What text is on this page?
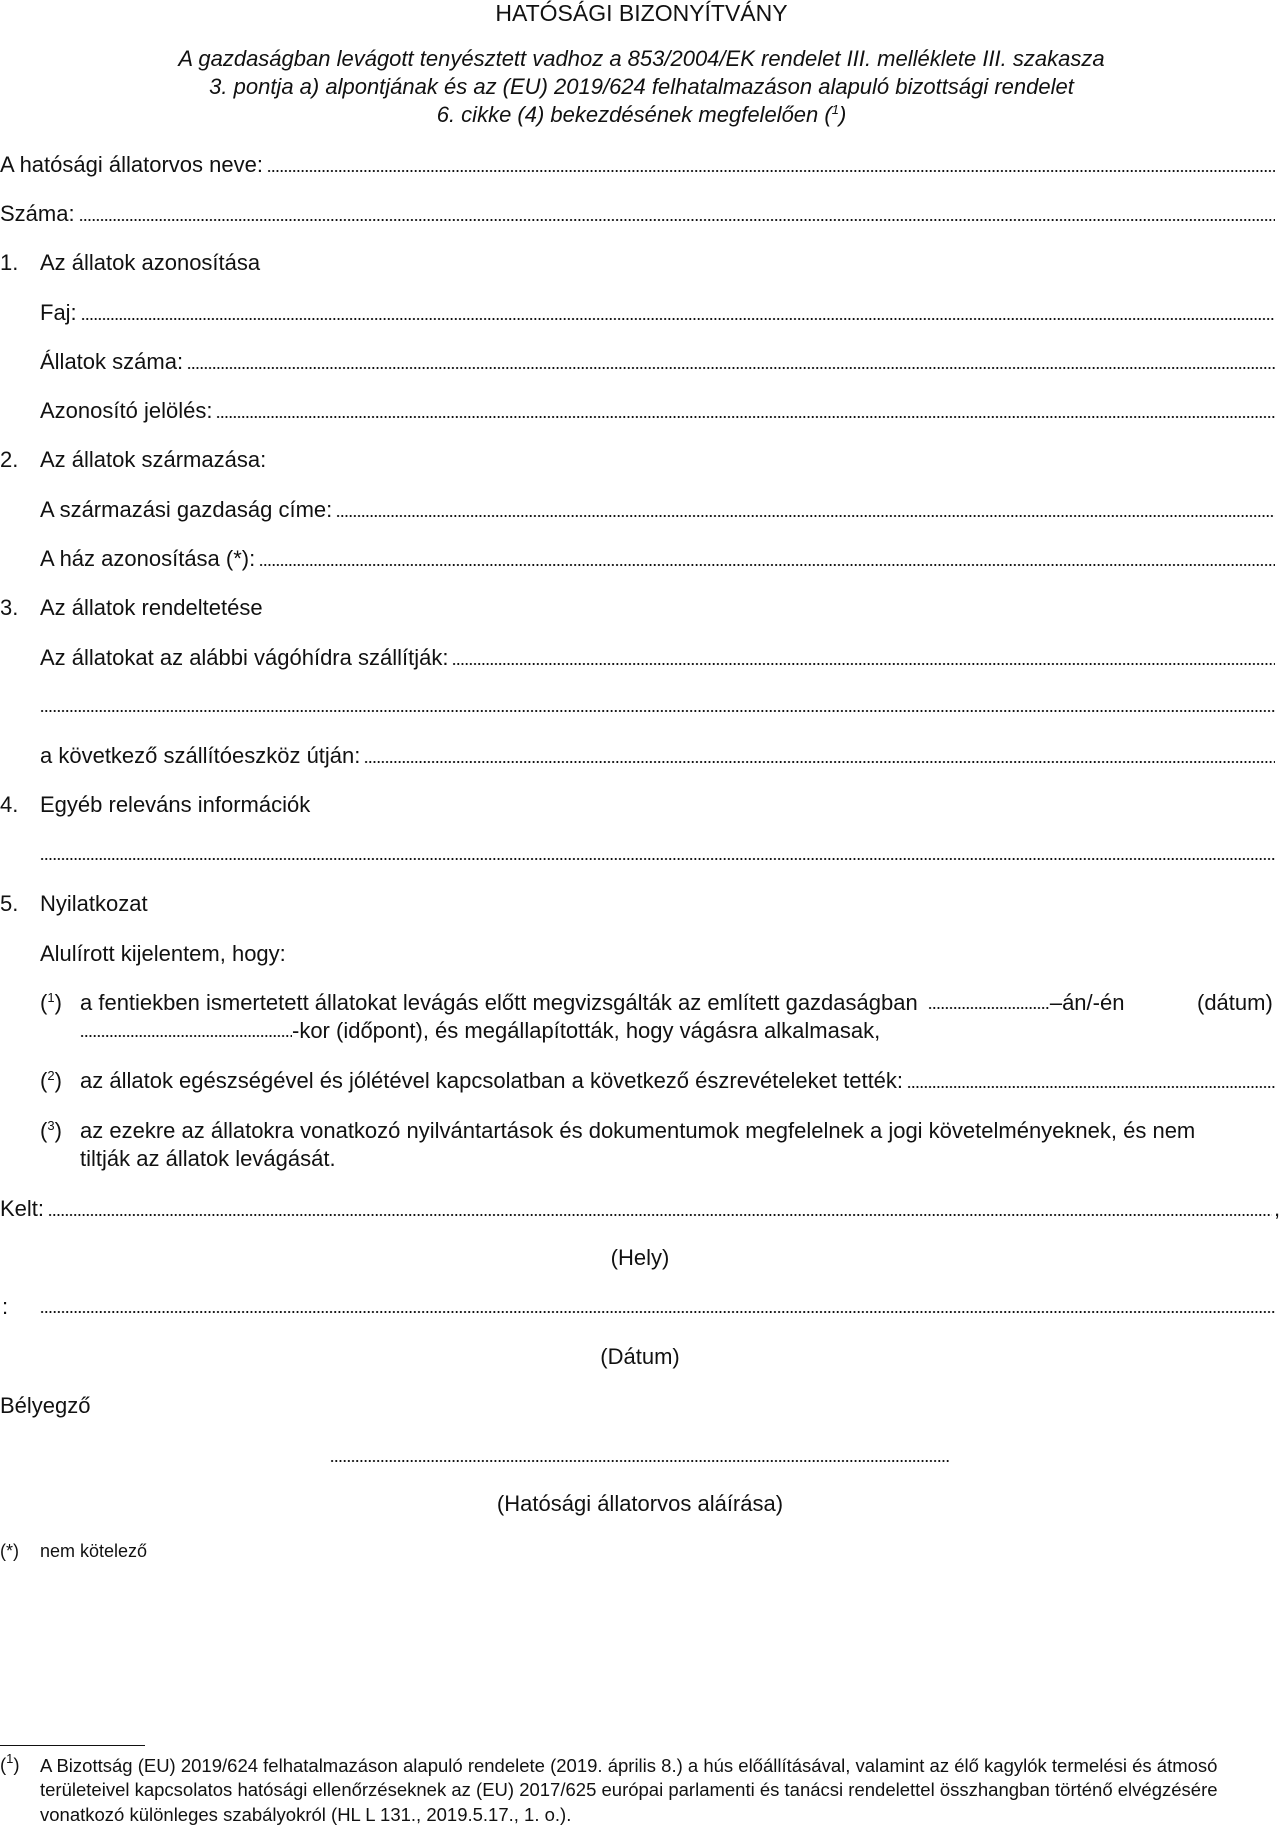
HATÓSÁGI BIZONYÍTVÁNY
A gazdaságban levágott tenyésztett vadhoz a 853/2004/EK rendelet III. melléklete III. szakasza
3. pontja a) alpontjának és az (EU) 2019/624 felhatalmazáson alapuló bizottsági rendelet
6. cikke (4) bekezdésének megfelelően ($^1$)
A hatósági állatorvos neve:
Száma:
1. Az állatok azonosítása
Faj:
Állatok száma:
Azonosító jelölés:
2. Az állatok származása:
A származási gazdaság címe:
A ház azonosítása (*):
3. Az állatok rendeltetése
Az állatokat az alábbi vágóhídra szállítják:
a következő szállítóeszköz útján:
4. Egyéb releváns információk
5. Nyilatkozat
Alulírott kijelentem, hogy:
($^1$) a fentiekben ismertetett állatokat levágás előtt megvizsgálták az említett gazdaságban	–án/-én	(dátum)
-kor (időpont), és megállapították, hogy vágásra alkalmasak,
($^2$) az állatok egészségével és jólétével kapcsolatban a következő észrevételeket tették:
($^3$) az ezekre az állatokra vonatkozó nyilvántartások és dokumentumok megfelelnek a jogi követelményeknek, és nem
tiltják az állatok levágását.
Kelt:	,
(Hely)
:
(Dátum)
Bélyegző
(Hatósági állatorvos aláírása)
(*) nem kötelező
($^1$) A Bizottság (EU) 2019/624 felhatalmazáson alapuló rendelete (2019. április 8.) a hús előállításával, valamint az élő kagylók termelési és átmosó területeivel kapcsolatos hatósági ellenőrzéseknek az (EU) 2017/625 európai parlamenti és tanácsi rendelettel összhangban történő elvégzésére vonatkozó különleges szabályokról (HL L 131., 2019.5.17., 1. o.).
